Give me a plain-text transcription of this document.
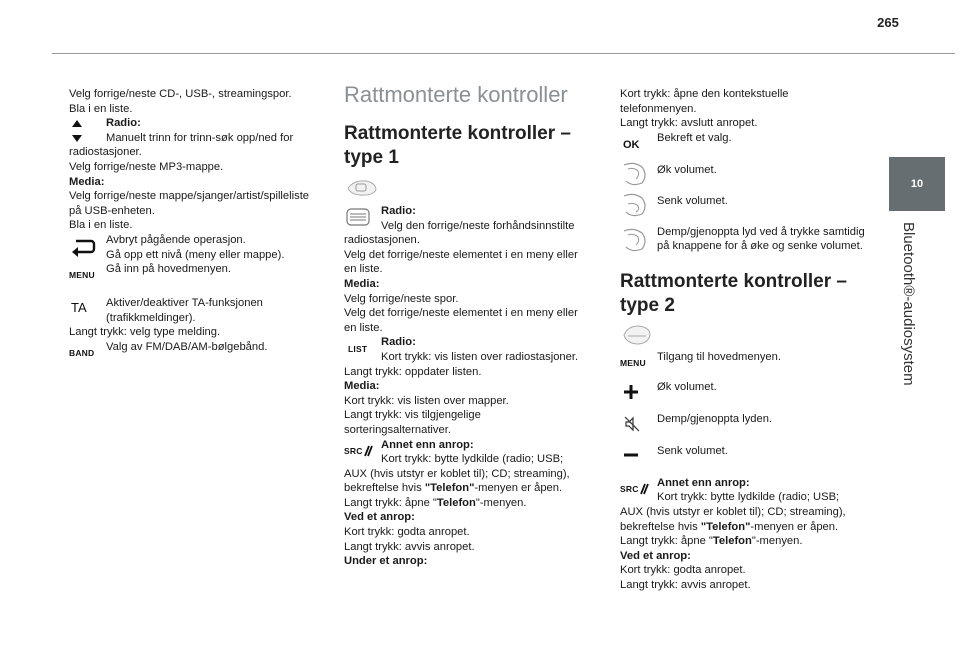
265
10
Bluetooth®-audiosystem
Velg forrige/neste CD-, USB-, streamingspor.
Bla i en liste.
Radio:
Manuelt trinn for trinn-søk opp/ned for
radiostasjoner.
Velg forrige/neste MP3-mappe.
Media:
Velg forrige/neste mappe/sjanger/artist/spilleliste
på USB-enheten.
Bla i en liste.
Avbryt pågående operasjon.
Gå opp ett nivå (meny eller mappe).
MENU Gå inn på hovedmenyen.
TA Aktiver/deaktiver TA-funksjonen
(trafikkmeldinger).
Langt trykk: velg type melding.
BAND Valg av FM/DAB/AM-bølgebånd.
Rattmonterte kontroller
Rattmonterte kontroller –
type 1
Radio:
Velg den forrige/neste forhåndsinnstilte
radiostasjonen.
Velg det forrige/neste elementet i en meny eller
en liste.
Media:
Velg forrige/neste spor.
Velg det forrige/neste elementet i en meny eller
en liste.
LIST
Radio:
Kort trykk: vis listen over radiostasjoner.
Langt trykk: oppdater listen.
Media:
Kort trykk: vis listen over mapper.
Langt trykk: vis tilgjengelige
sorteringsalternativer.
SRC Annet enn anrop:
Kort trykk: bytte lydkilde (radio; USB;
AUX (hvis utstyr er koblet til); CD; streaming),
bekreftelse hvis "Telefon"-menyen er åpen.
Langt trykk: åpne "Telefon"-menyen.
Ved et anrop:
Kort trykk: godta anropet.
Langt trykk: avvis anropet.
Under et anrop:
Kort trykk: åpne den kontekstuelle
telefonmenyen.
Langt trykk: avslutt anropet.
OK
Bekreft et valg.
Øk volumet.
Senk volumet.
Demp/gjenoppta lyd ved å trykke samtidig
på knappene for å øke og senke volumet.
Rattmonterte kontroller –
type 2
MENU Tilgang til hovedmenyen.
Øk volumet.
Demp/gjenoppta lyden.
Senk volumet.
SRC Annet enn anrop:
Kort trykk: bytte lydkilde (radio; USB;
AUX (hvis utstyr er koblet til); CD; streaming),
bekreftelse hvis "Telefon"-menyen er åpen.
Langt trykk: åpne "Telefon"-menyen.
Ved et anrop:
Kort trykk: godta anropet.
Langt trykk: avvis anropet.
